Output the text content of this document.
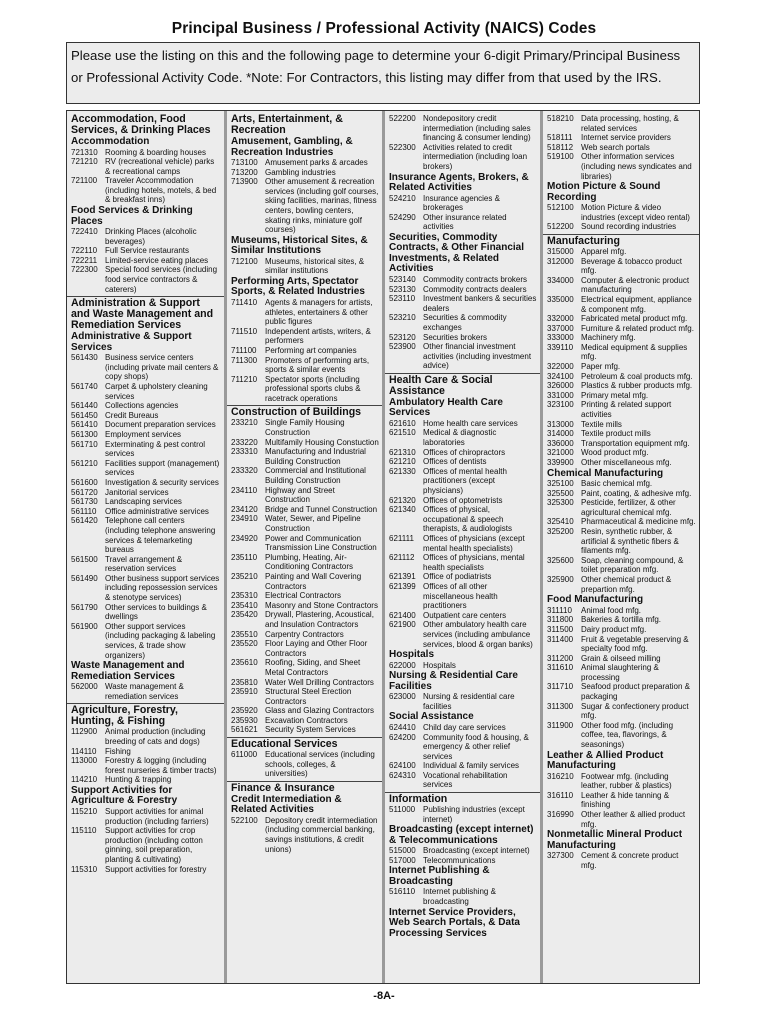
Principal Business / Professional Activity (NAICS) Codes
Please use the listing on this and the following page to determine your 6-digit Primary/Principal Business or Professional Activity Code. *Note: For Contractors, this listing may differ from that used by the IRS.
Accommodation, Food Services, & Drinking Places
Accommodation
721310 Rooming & boarding houses
721210 RV (recreational vehicle) parks & recreational camps
721100 Traveler Accommodation (including hotels, motels, & bed & breakfast inns)
Food Services & Drinking Places
722410 Drinking Places (alcoholic beverages)
722110 Full Service restaurants
722211 Limited-service eating places
722300 Special food services (including food service contractors & caterers)
Administration & Support and Waste Management and Remediation Services
Administrative & Support Services
561430 Business service centers (including private mail centers & copy shops)
561740 Carpet & upholstery cleaning services
561440 Collections agencies
561450 Credit Bureaus
561410 Document preparation services
561300 Employment services
561710 Exterminating & pest control services
561210 Facilities support (management) services
561600 Investigation & security services
561720 Janitorial services
561730 Landscaping services
561110	Office administrative services
561420 Telephone call centers (including telephone answering services & telemarketing bureaus
561500 Travel arrangement & reservation services
561490 Other business support services including repossession services & stenotype services)
561790 Other services to buildings & dwellings
561900 Other support services (including packaging & labeling services, & trade show organizers)
Waste Management and Remediation Services
562000 Waste management & remediation services
Agriculture, Forestry, Hunting, & Fishing
112900 Animal production (including breeding of cats and dogs)
114110	Fishing
113000 Forestry & logging (including forest nurseries & timber tracts)
114210 Hunting & trapping
Support Activities for Agriculture & Forestry
115210 Support activities for animal production (including farriers)
115110	Support activities for crop production (including cotton ginning, soil preparation, planting & cultivating)
115310 Support activities for forestry
Arts, Entertainment, & Recreation
Amusement, Gambling, & Recreation Industries
713100 Amusement parks & arcades
713200 Gambling industries
713900 Other amusement & recreation services (including golf courses, skiing facilities, marinas, fitness centers, bowling centers, skating rinks, miniature golf courses)
Museums, Historical Sites, & Similar Institutions
712100 Museums, historical sites, & similar institutions
Performing Arts, Spectator Sports, & Related Industries
711410 Agents & managers for artists, athletes, entertainers & other public figures
711510 Independent artists, writers, & performers
711100	Performing art companies
711300 Promoters of performing arts, sports & similar events
711210 Spectator sports (including professional sports clubs & racetrack operations
Construction of Buildings
233210 Single Family Housing Construction
233220 Multifamily Housing Constuction
233310 Manufacturing and Industrial Building Construction
233320 Commercial and Institutional Building Construction
234110 Highway and Street Construction
234120 Bridge and Tunnel Construction
234910 Water, Sewer, and Pipeline Construction
234920 Power and Communication Transmission Line Construction
235110 Plumbing, Heating, Air-Conditioning Contractors
235210 Painting and Wall Covering Contractors
235310 Electrical Contractors
235410 Masonry and Stone Contractors
235420 Drywall, Plastering, Acoustical, and Insulation Contractors
235510 Carpentry Contractors
235520 Floor Laying and Other Floor Contractors
235610 Roofing, Siding, and Sheet Metal Contractors
235810 Water Well Drilling Contractors
235910 Structural Steel Erection Contractors
235920 Glass and Glazing Contractors
235930 Excavation Contractors
561621 Security System Services
Educational Services
611000 Educational services (including schools, colleges, & universities)
Finance & Insurance
Credit Intermediation & Related Activities
522100 Depository credit intermediation (including commercial banking, savings institutions, & credit unions)
522200 Nondepository credit intermediation (including sales financing & consumer lending)
522300 Activities related to credit intermediation (including loan brokers)
Insurance Agents, Brokers, & Related Activities
524210 Insurance agencies & brokerages
524290 Other insurance related activities
Securities, Commodity Contracts, & Other Financial Investments, & Related Activities
523140 Commodity contracts brokers
523130 Commodity contracts dealers
523110 Investment bankers & securities dealers
523210 Securities & commodity exchanges
523120 Securities brokers
523900 Other financial investment activities (including investment advice)
Health Care & Social Assistance
Ambulatory Health Care Services
621610 Home health care services
621510 Medical & diagnostic laboratories
621310 Offices of chiropractors
621210 Offices of dentists
621330 Offices of mental health practitioners (except physicians)
621320 Offices of optometrists
621340 Offices of physical, occupational & speech therapists, & audiologists
621111	Offices of physicians (except mental health specialists)
621112	Offices of physicians, mental health specialists
621391 Office of podiatrists
621399 Offices of all other miscellaneous health practitioners
621400 Outpatient care centers
621900 Other ambulatory health care services (including ambulance services, blood & organ banks)
Hospitals
622000 Hospitals
Nursing & Residential Care Facilities
623000 Nursing & residential care facilities
Social Assistance
624410 Child day care services
624200 Community food & housing, & emergency & other relief services
624100 Individual & family services
624310 Vocational rehabilitation services
Information
511000 Publishing industries (except internet)
Broadcasting (except internet) & Telecommunications
515000 Broadcasting (except internet)
517000 Telecommunications
Internet Publishing & Broadcasting
516110 Internet publishing & broadcasting
Internet Service Providers, Web Search Portals, & Data Processing Services
518210 Data processing, hosting, & related services
518111	Internet service providers
518112 Web search portals
519100 Other information services (including news syndicates and libraries)
Motion Picture & Sound Recording
512100 Motion Picture & video industries (except video rental)
512200 Sound recording industries
Manufacturing
315000 Apparel mfg.
312000 Beverage & tobacco product mfg.
334000 Computer & electronic product manufacturing
335000 Electrical equipment, appliance & component mfg.
332000 Fabricated metal product mfg.
337000 Furniture & related product mfg.
333000 Machinery mfg.
339110 Medical equipment & supplies mfg.
322000 Paper mfg.
324100 Petroleum & coal products mfg.
326000 Plastics & rubber products mfg.
331000 Primary metal mfg.
323100 Printing & related support activities
313000 Textile mills
314000 Textile product mills
336000 Transportation equipment mfg.
321000 Wood product mfg.
339900 Other miscellaneous mfg.
Chemical Manufacturing
325100 Basic chemical mfg.
325500 Paint, coating, & adhesive mfg.
325300 Pesticide, fertilizer, & other agricultural chemical mfg.
325410 Pharmaceutical & medicine mfg.
325200 Resin, synthetic rubber, & artificial & synthetic fibers & filaments mfg.
325600 Soap, cleaning compound, & toilet preparation mfg.
325900 Other chemical product & prepartion mfg.
Food Manufacturing
311110	Animal food mfg.
311800 Bakeries & tortilla mfg.
311500 Dairy product mfg.
311400 Fruit & vegetable preserving & specialty food mfg.
311200 Grain & oilseed milling
311610 Animal slaughtering & processing
311710 Seafood product preparation & packaging
311300 Sugar & confectionery product mfg.
311900 Other food mfg. (including coffee, tea, flavorings, & seasonings)
Leather & Allied Product Manufacturing
316210 Footwear mfg. (including leather, rubber & plastics)
316110 Leather & hide tanning & finishing
316990 Other leather & allied product mfg.
Nonmetallic Mineral Product Manufacturing
327300 Cement & concrete product mfg.
-8A-
